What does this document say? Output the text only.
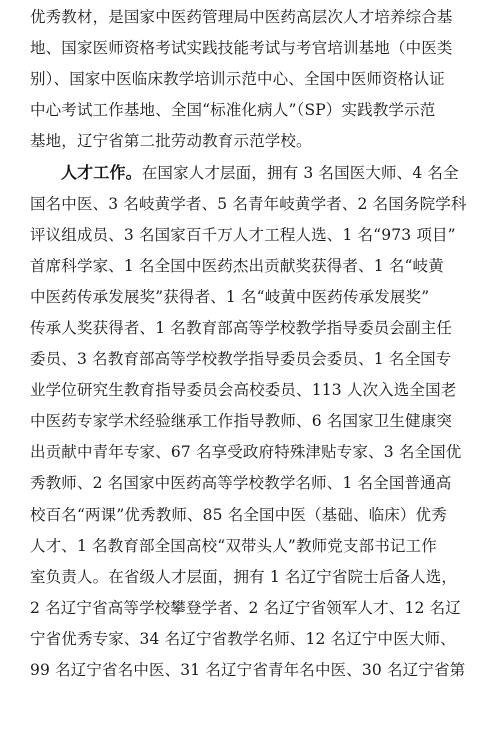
优秀教材，是国家中医药管理局中医药高层次人才培养综合基
地、国家医师资格考试实践技能考试与考官培训基地（中医类
别）、国家中医临床教学培训示范中心、全国中医师资格认证
中心考试工作基地、全国“标准化病人”（SP）实践教学示范
基地，辽宁省第二批劳动教育示范学校。
人才工作。在国家人才层面，拥有 3 名国医大师、4 名全
国名中医、3 名岐黄学者、5 名青年岐黄学者、2 名国务院学科
评议组成员、3 名国家百千万人才工程人选、1 名“973 项目”
首席科学家、1 名全国中医药杰出贡献奖获得者、1 名“岐黄
中医药传承发展奖”获得者、1 名“岐黄中医药传承发展奖”
传承人奖获得者、1 名教育部高等学校教学指导委员会副主任
委员、3 名教育部高等学校教学指导委员会委员、1 名全国专
业学位研究生教育指导委员会高校委员、113 人次入选全国老
中医药专家学术经验继承工作指导教师、6 名国家卫生健康突
出贡献中青年专家、67 名享受政府特殊津贴专家、3 名全国优
秀教师、2 名国家中医药高等学校教学名师、1 名全国普通高
校百名“两课”优秀教师、85 名全国中医（基础、临床）优秀
人才、1 名教育部全国高校“双带头人”教师党支部书记工作
室负责人。在省级人才层面，拥有 1 名辽宁省院士后备人选，
2 名辽宁省高等学校攀登学者、2 名辽宁省领军人才、12 名辽
宁省优秀专家、34 名辽宁省教学名师、12 名辽宁中医大师、
99 名辽宁省名中医、31 名辽宁省青年名中医、30 名辽宁省第
